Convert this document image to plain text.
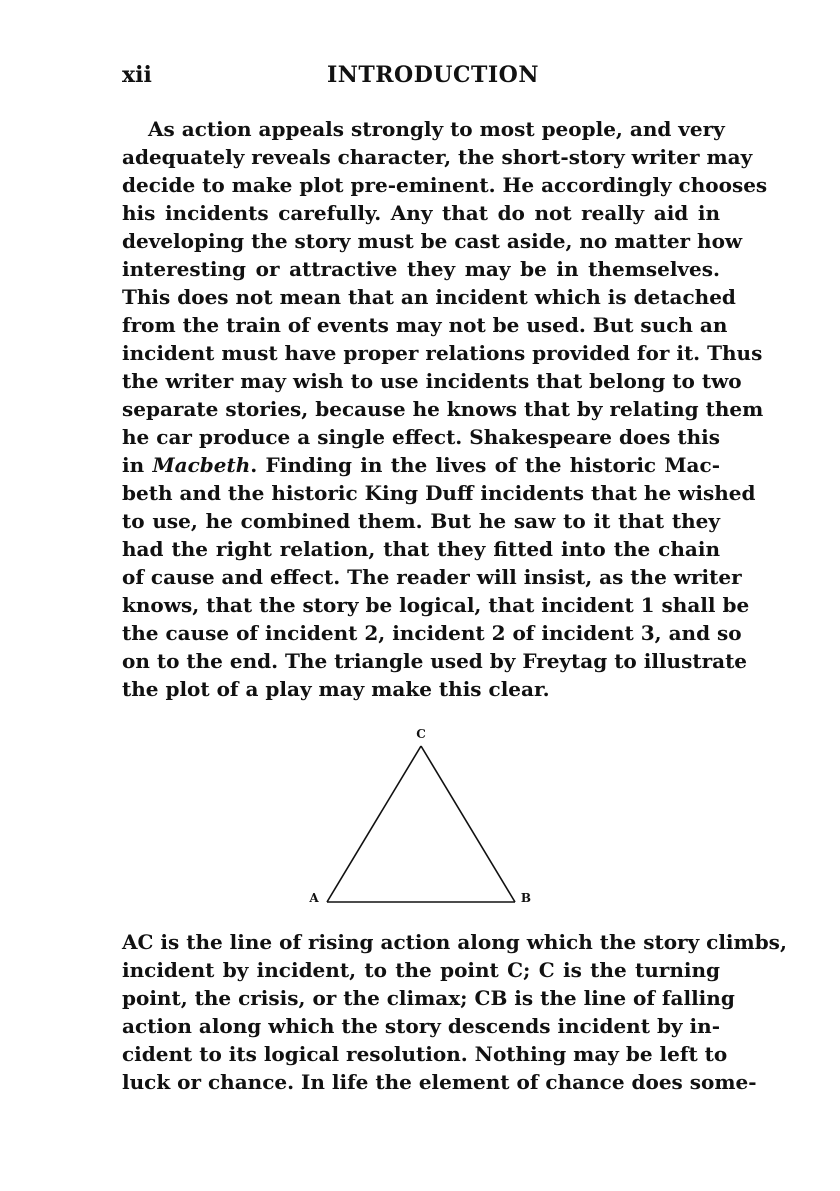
xii	INTRODUCTION
As action appeals strongly to most people, and very
adequately reveals character, the short-story writer may
decide to make plot pre-eminent. He accordingly chooses
his incidents carefully. Any that do not really aid in
developing the story must be cast aside, no matter how
interesting or attractive they may be in themselves.
This does not mean that an incident which is detached
from the train of events may not be used. But such an
incident must have proper relations provided for it. Thus
the writer may wish to use incidents that belong to two
separate stories, because he knows that by relating them
he car produce a single effect. Shakespeare does this
in Macbeth. Finding in the lives of the historic Mac-
beth and the historic King Duff incidents that he wished
to use, he combined them. But he saw to it that they
had the right relation, that they fitted into the chain
of cause and effect. The reader will insist, as the writer
knows, that the story be logical, that incident 1 shall be
the cause of incident 2, incident 2 of incident 3, and so
on to the end. The triangle used by Freytag to illustrate
the plot of a play may make this clear.
C
A	B
AC is the line of rising action along which the story climbs,
incident by incident, to the point C; C is the turning
point, the crisis, or the climax; CB is the line of falling
action along which the story descends incident by in-
cident to its logical resolution. Nothing may be left to
luck or chance. In life the element of chance does some-
